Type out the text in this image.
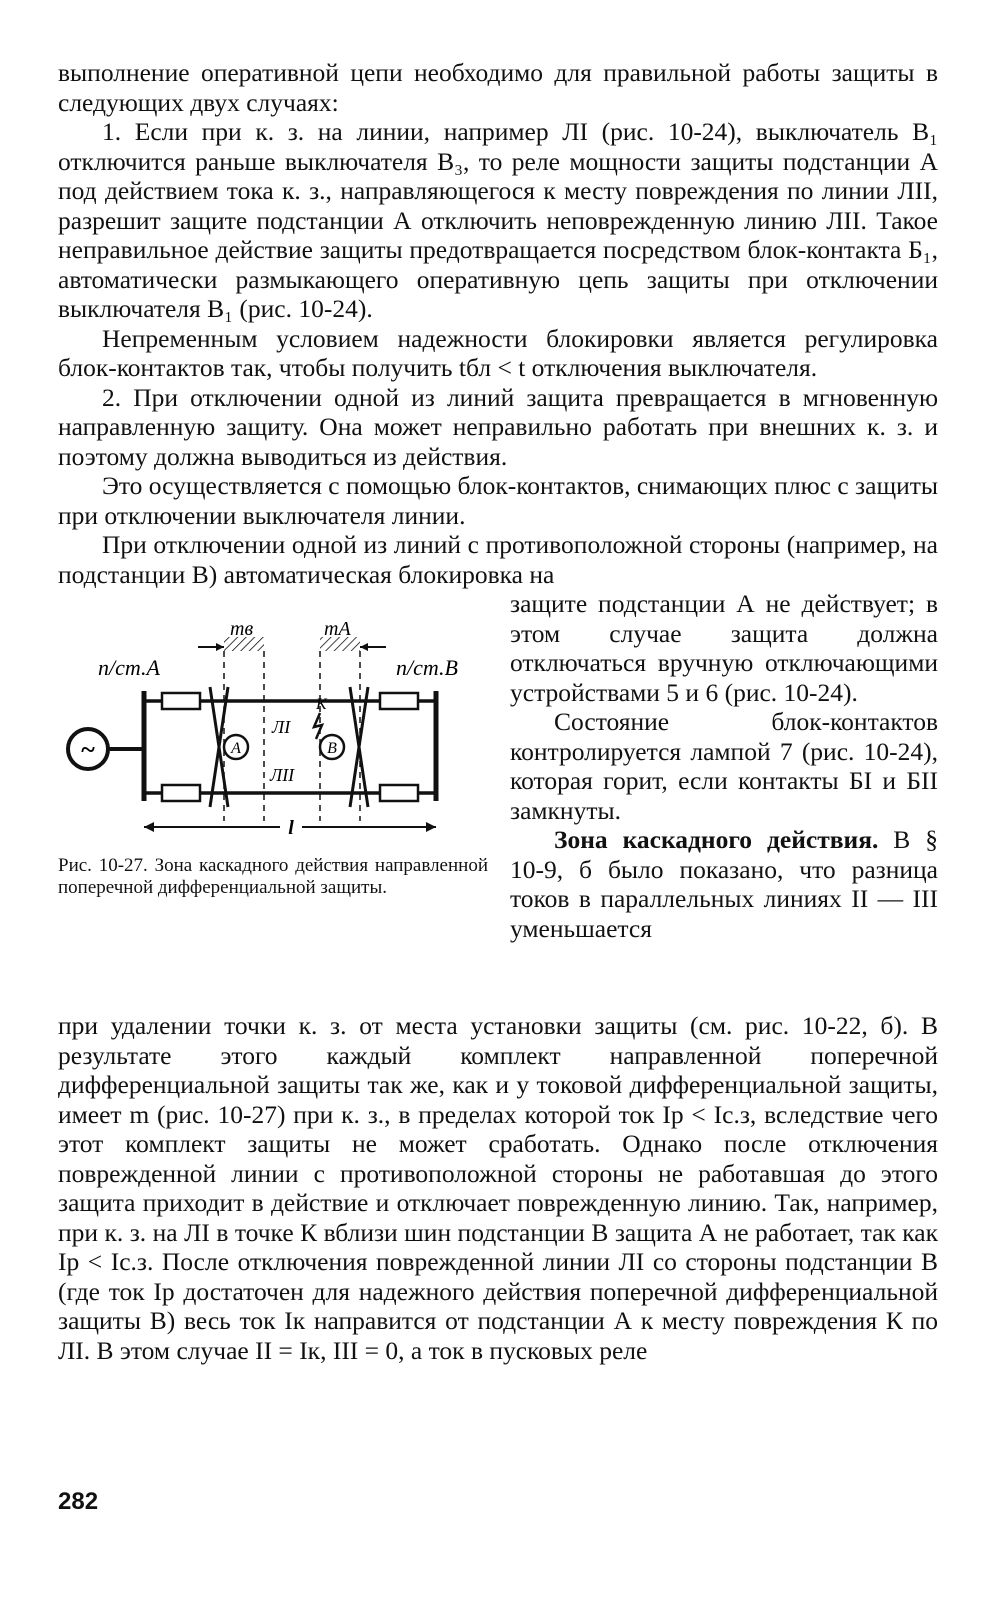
выполнение оперативной цепи необходимо для правильной работы защиты в следующих двух случаях:

1. Если при к. з. на линии, например ЛI (рис. 10-24), выключатель В₁ отключится раньше выключателя В₃, то реле мощности защиты подстанции А под действием тока к. з., направляющегося к месту повреждения по линии ЛII, разрешит защите подстанции А отключить неповрежденную линию ЛII. Такое неправильное действие защиты предотвращается посредством блок-контакта Б₁, автоматически размыкающего оперативную цепь защиты при отключении выключателя В₁ (рис. 10-24).

Непременным условием надежности блокировки является регулировка блок-контактов так, чтобы получить tбл < t отключения выключателя.

2. При отключении одной из линий защита превращается в мгновенную направленную защиту. Она может неправильно работать при внешних к. з. и поэтому должна выводиться из действия.

Это осуществляется с помощью блок-контактов, снимающих плюс с защиты при отключении выключателя линии.

При отключении одной из линий с противоположной стороны (например, на подстанции В) автоматическая блокировка на

~	А	В
К
п/ст.А	п/ст.В
mв	mА
ЛI
ЛII
l

Рис. 10-27. Зона каскадного действия направленной поперечной дифференциальной защиты.

защите подстанции А не действует; в этом случае защита должна отключаться вручную отключающими устройствами 5 и 6 (рис. 10-24).

Состояние блок-контактов контролируется лампой 7 (рис. 10-24), которая горит, если контакты БI и БII замкнуты.

Зона каскадного действия. В § 10-9, б было показано, что разница токов в параллельных линиях II — III уменьшается

при удалении точки к. з. от места установки защиты (см. рис. 10-22, б). В результате этого каждый комплект направленной поперечной дифференциальной защиты так же, как и у токовой дифференциальной защиты, имеет m (рис. 10-27) при к. з., в пределах которой ток Iр < Iс.з, вследствие чего этот комплект защиты не может сработать. Однако после отключения поврежденной линии с противоположной стороны не работавшая до этого защита приходит в действие и отключает поврежденную линию. Так, например, при к. з. на ЛI в точке К вблизи шин подстанции В защита А не работает, так как Iр < Iс.з. После отключения поврежденной линии ЛI со стороны подстанции В (где ток Iр достаточен для надежного действия поперечной дифференциальной защиты В) весь ток Iк направится от подстанции А к месту повреждения К по ЛI. В этом случае II = Iк, III = 0, а ток в пусковых реле

282
